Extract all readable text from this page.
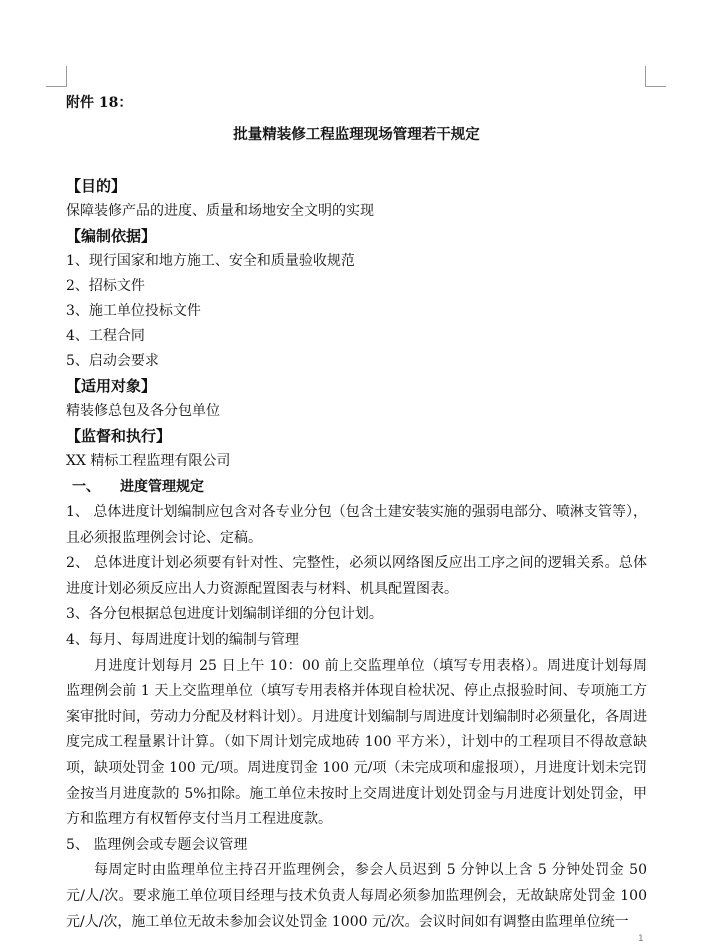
附件 18：

批量精装修工程监理现场管理若干规定

【目的】

保障装修产品的进度、质量和场地安全文明的实现

【编制依据】

1、现行国家和地方施工、安全和质量验收规范

2、招标文件

3、施工单位投标文件

4、工程合同

5、启动会要求

【适用对象】

精装修总包及各分包单位

【监督和执行】

XX 精标工程监理有限公司

一、 进度管理规定

1、 总体进度计划编制应包含对各专业分包（包含土建安装实施的强弱电部分、喷淋支管等），且必须报监理例会讨论、定稿。

2、 总体进度计划必须要有针对性、完整性，必须以网络图反应出工序之间的逻辑关系。总体进度计划必须反应出人力资源配置图表与材料、机具配置图表。

3、各分包根据总包进度计划编制详细的分包计划。

4、每月、每周进度计划的编制与管理

月进度计划每月 25 日上午 10：00 前上交监理单位（填写专用表格）。周进度计划每周监理例会前 1 天上交监理单位（填写专用表格并体现自检状况、停止点报验时间、专项施工方案审批时间，劳动力分配及材料计划）。月进度计划编制与周进度计划编制时必须量化，各周进度完成工程量累计计算。（如下周计划完成地砖 100 平方米），计划中的工程项目不得故意缺项，缺项处罚金 100 元/项。周进度罚金 100 元/项（未完成项和虚报项），月进度计划未完罚金按当月进度款的 5%扣除。施工单位未按时上交周进度计划处罚金与月进度计划处罚金，甲方和监理方有权暂停支付当月工程进度款。

5、 监理例会或专题会议管理

每周定时由监理单位主持召开监理例会，参会人员迟到 5 分钟以上含 5 分钟处罚金 50 元/人/次。要求施工单位项目经理与技术负责人每周必须参加监理例会，无故缺席处罚金 100 元/人/次，施工单位无故未参加会议处罚金 1000 元/次。会议时间如有调整由监理单位统一

1
